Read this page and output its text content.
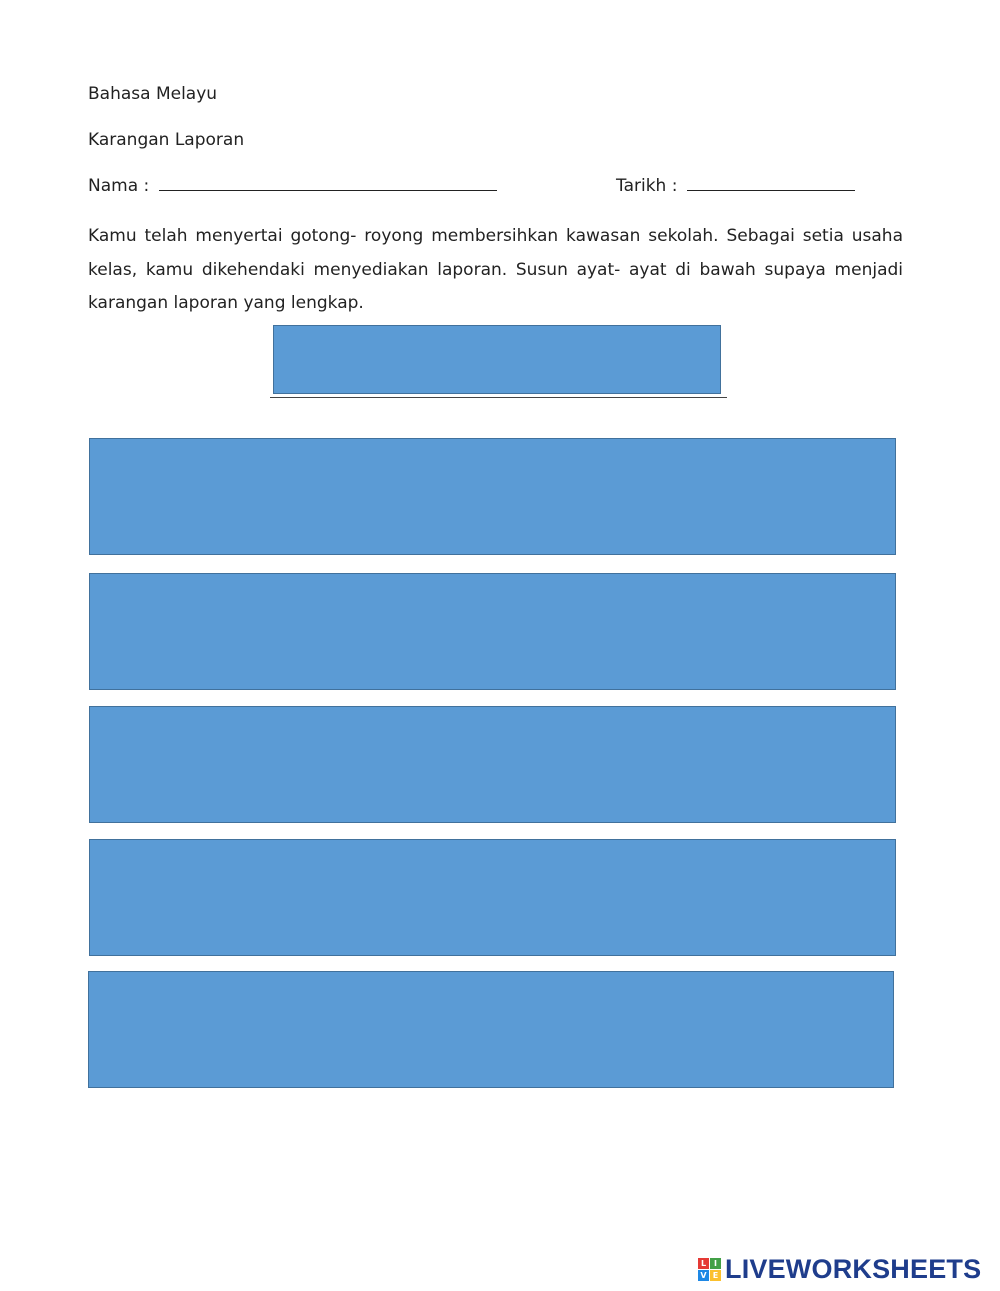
Bahasa Melayu
Karangan Laporan
Nama :	Tarikh :
Kamu telah menyertai gotong- royong membersihkan kawasan sekolah. Sebagai setia usaha kelas, kamu dikehendaki menyediakan laporan. Susun ayat- ayat di bawah supaya menjadi karangan laporan yang lengkap.
L I
V E LIVEWORKSHEETS
